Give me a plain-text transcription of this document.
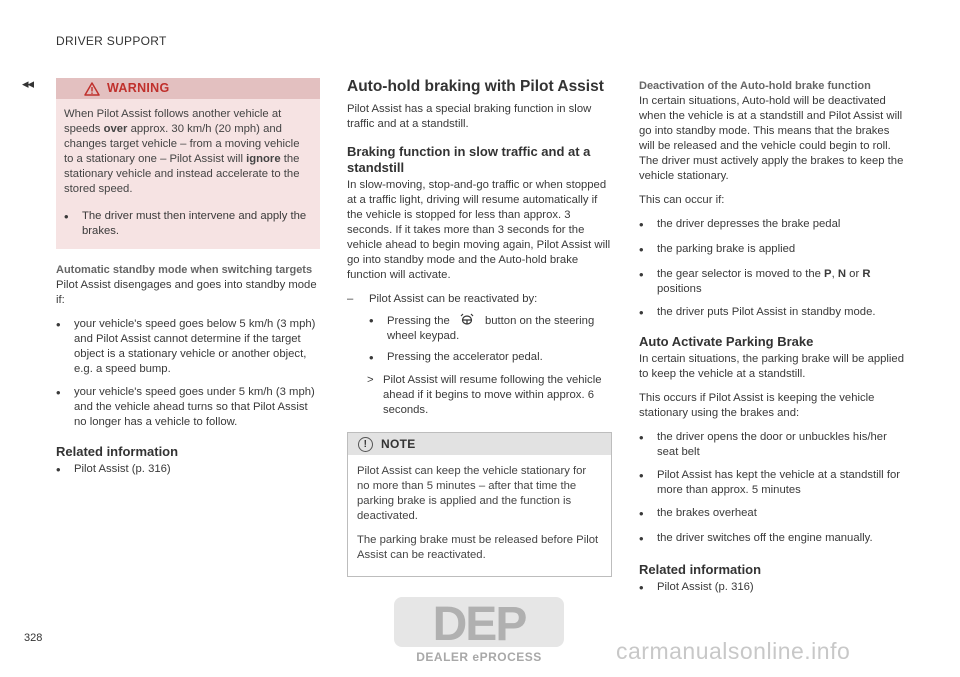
DRIVER SUPPORT
◂◂	WARNING
When Pilot Assist follows another vehicle at speeds over approx. 30 km/h (20 mph) and changes target vehicle – from a moving vehicle to a stationary one – Pilot Assist will ignore the stationary vehicle and instead accelerate to the stored speed.
•
The driver must then intervene and apply the brakes.
Automatic standby mode when switching targets

Pilot Assist disengages and goes into standby mode if:

•
your vehicle's speed goes below 5 km/h (3 mph) and Pilot Assist cannot determine if the target object is a stationary vehicle or another object, e.g. a speed bump.
•
your vehicle's speed goes under 5 km/h (3 mph) and the vehicle ahead turns so that Pilot Assist no longer has a vehicle to follow.
Related information
•
Pilot Assist (p. 316)
Auto-hold braking with Pilot Assist

Pilot Assist has a special braking function in slow traffic and at a standstill.

Braking function in slow traffic and at a standstill

In slow-moving, stop-and-go traffic or when stopped at a traffic light, driving will resume automatically if the vehicle is stopped for less than approx. 3 seconds. If it takes more than 3 seconds for the vehicle ahead to begin moving again, Pilot Assist will go into standby mode and the Auto-hold brake function will activate.

–	Pilot Assist can be reactivated by:
•
Pressing the	button on the steering wheel keypad.
•
Pressing the accelerator pedal.
> Pilot Assist will resume following the vehicle ahead if it begins to move within approx. 6 seconds.
!	NOTE

Pilot Assist can keep the vehicle stationary for no more than 5 minutes – after that time the parking brake is applied and the function is deactivated.

The parking brake must be released before Pilot Assist can be reactivated.

Deactivation of the Auto-hold brake function

In certain situations, Auto-hold will be deactivated when the vehicle is at a standstill and Pilot Assist will go into standby mode. This means that the brakes will be released and the vehicle could begin to roll. The driver must actively apply the brakes to keep the vehicle stationary.

This can occur if:

•
the driver depresses the brake pedal
•
the parking brake is applied
•
the gear selector is moved to the P, N or R positions
•
the driver puts Pilot Assist in standby mode.
Auto Activate Parking Brake

In certain situations, the parking brake will be applied to keep the vehicle at a standstill.

This occurs if Pilot Assist is keeping the vehicle stationary using the brakes and:

•
the driver opens the door or unbuckles his/her seat belt
•
Pilot Assist has kept the vehicle at a standstill for more than approx. 5 minutes
•
the brakes overheat
•
the driver switches off the engine manually.
Related information
•
Pilot Assist (p. 316)
328	DEP
DEALER ePROCESS	carmanualsonline.info
